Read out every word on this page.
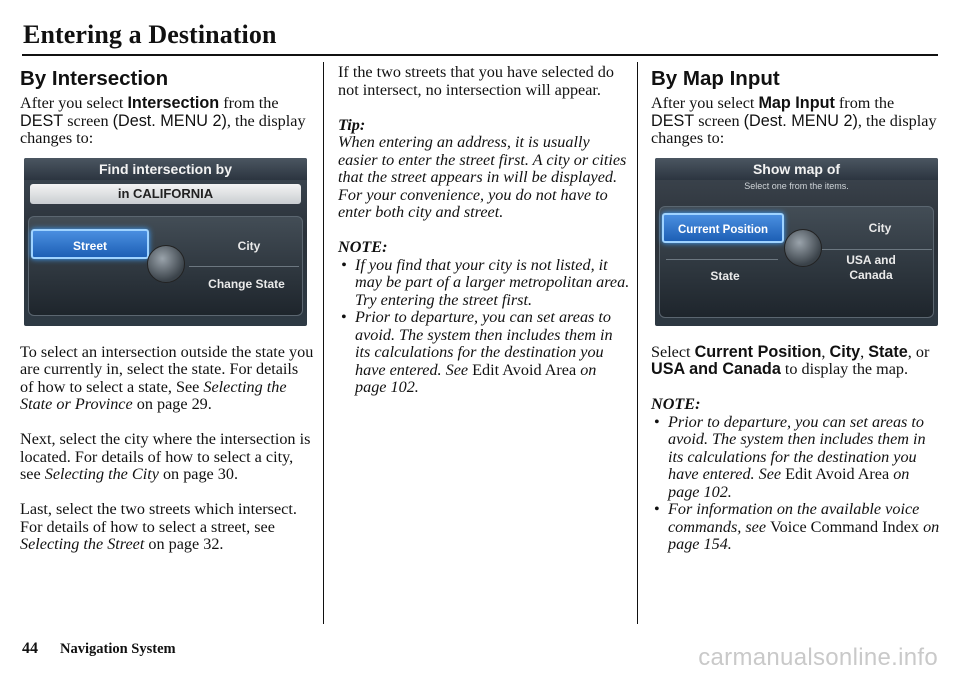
Entering a Destination
By Intersection
After you select Intersection from the DEST screen (Dest. MENU 2), the display changes to:
Find intersection by
in CALIFORNIA
Street	City
Change State
To select an intersection outside the state you are currently in, select the state. For details of how to select a state, See Selecting the State or Province on page 29.
Next, select the city where the intersection is located. For details of how to select a city, see Selecting the City on page 30.
Last, select the two streets which intersect. For details of how to select a street, see Selecting the Street on page 32.
If the two streets that you have selected do not intersect, no intersection will appear.
Tip:
When entering an address, it is usually easier to enter the street first. A city or cities that the street appears in will be displayed. For your convenience, you do not have to enter both city and street.
NOTE:
• If you find that your city is not listed, it may be part of a larger metropolitan area. Try entering the street first.
• Prior to departure, you can set areas to avoid. The system then includes them in its calculations for the destination you have entered. See Edit Avoid Area on page 102.
By Map Input
After you select Map Input from the DEST screen (Dest. MENU 2), the display changes to:
Show map of
Select one from the items.
Current Position	City
USA and Canada
State
Select Current Position, City, State, or USA and Canada to display the map.
NOTE:
• Prior to departure, you can set areas to avoid. The system then includes them in its calculations for the destination you have entered. See Edit Avoid Area on page 102.
• For information on the available voice commands, see Voice Command Index on page 154.
44 Navigation System	carmanualsonline.info
